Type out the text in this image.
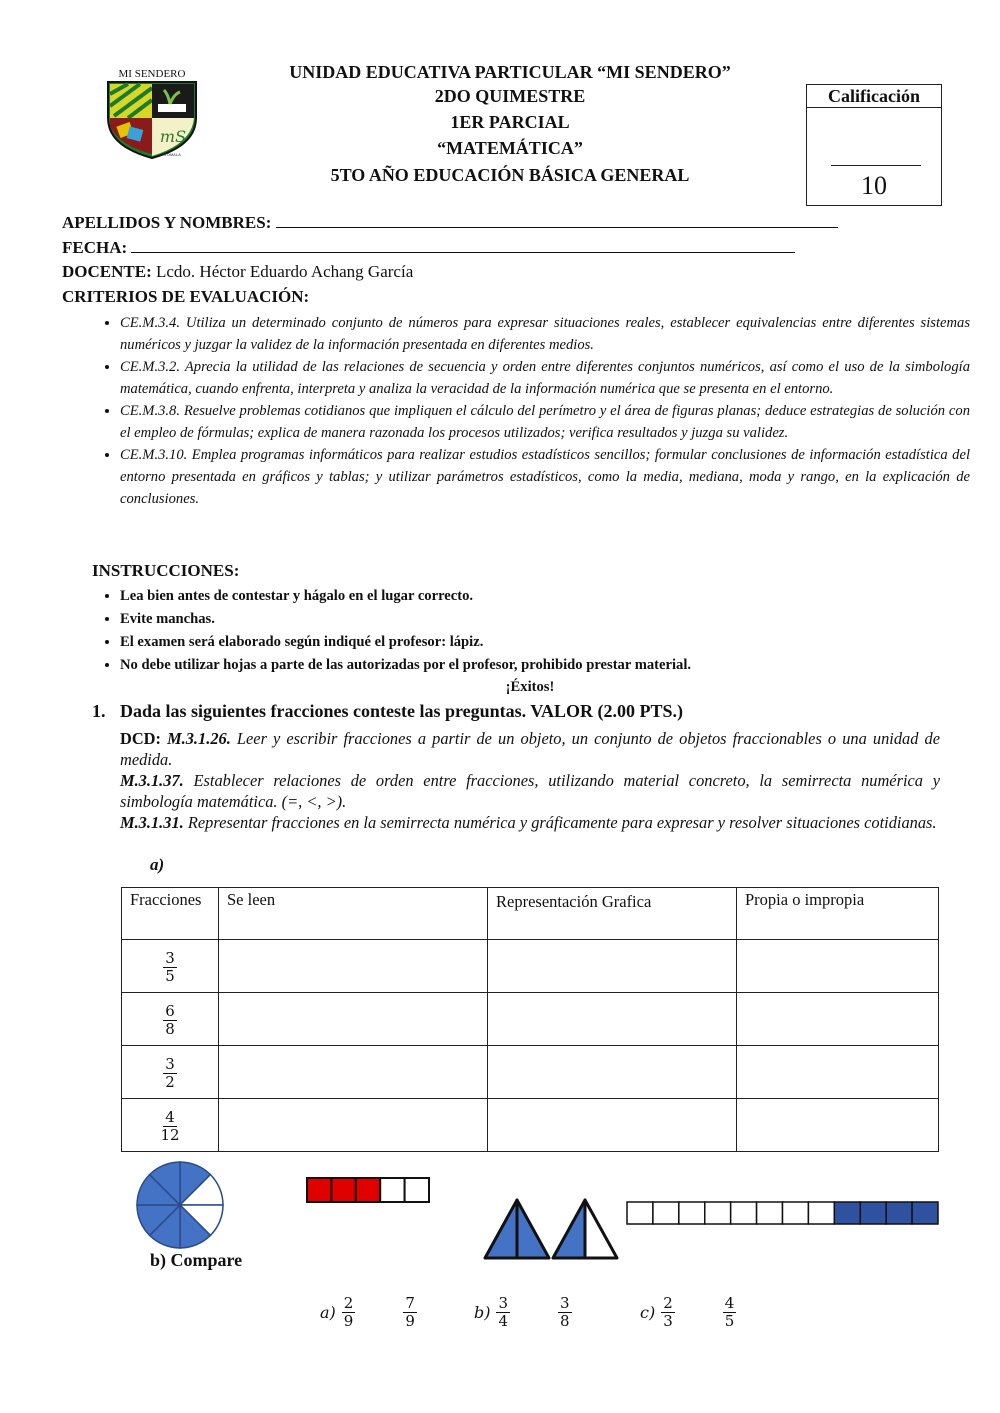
MI SENDERO
mS
ATOMALA
UNIDAD EDUCATIVA PARTICULAR “MI SENDERO”
2DO QUIMESTRE
1ER PARCIAL
“MATEMÁTICA”
5TO AÑO EDUCACIÓN BÁSICA GENERAL
Calificación
10
APELLIDOS Y NOMBRES:
FECHA:
DOCENTE: Lcdo. Héctor Eduardo Achang García
CRITERIOS DE EVALUACIÓN:
• CE.M.3.4. Utiliza un determinado conjunto de números para expresar situaciones reales, establecer equivalencias entre diferentes sistemas numéricos y juzgar la validez de la información presentada en diferentes medios.
• CE.M.3.2. Aprecia la utilidad de las relaciones de secuencia y orden entre diferentes conjuntos numéricos, así como el uso de la simbología matemática, cuando enfrenta, interpreta y analiza la veracidad de la información numérica que se presenta en el entorno.
• CE.M.3.8. Resuelve problemas cotidianos que impliquen el cálculo del perímetro y el área de figuras planas; deduce estrategias de solución con el empleo de fórmulas; explica de manera razonada los procesos utilizados; verifica resultados y juzga su validez.
• CE.M.3.10. Emplea programas informáticos para realizar estudios estadísticos sencillos; formular conclusiones de información estadística del entorno presentada en gráficos y tablas; y utilizar parámetros estadísticos, como la media, mediana, moda y rango, en la explicación de conclusiones.
INSTRUCCIONES:
• Lea bien antes de contestar y hágalo en el lugar correcto.
• Evite manchas.
• El examen será elaborado según indiqué el profesor: lápiz.
• No debe utilizar hojas a parte de las autorizadas por el profesor, prohibido prestar material.
¡Éxitos!
1. Dada las siguientes fracciones conteste las preguntas. VALOR (2.00 PTS.)
DCD: M.3.1.26. Leer y escribir fracciones a partir de un objeto, un conjunto de objetos fraccionables o una unidad de medida.
M.3.1.37. Establecer relaciones de orden entre fracciones, utilizando material concreto, la semirrecta numérica y simbología matemática. (=, <, >).
M.3.1.31. Representar fracciones en la semirrecta numérica y gráficamente para expresar y resolver situaciones cotidianas.
a)
Fracciones	Se leen	Representación Grafica	Propia o impropia

$\frac{3}{5}$

$\frac{6}{8}$

$\frac{3}{2}$

$\frac{4}{12}$

b) Compare
$a) \frac{2}{9}$	$\frac{7}{9}$	$b) \frac{3}{4}$	$\frac{3}{8}$	$c) \frac{2}{3}$	$\frac{4}{5}$
